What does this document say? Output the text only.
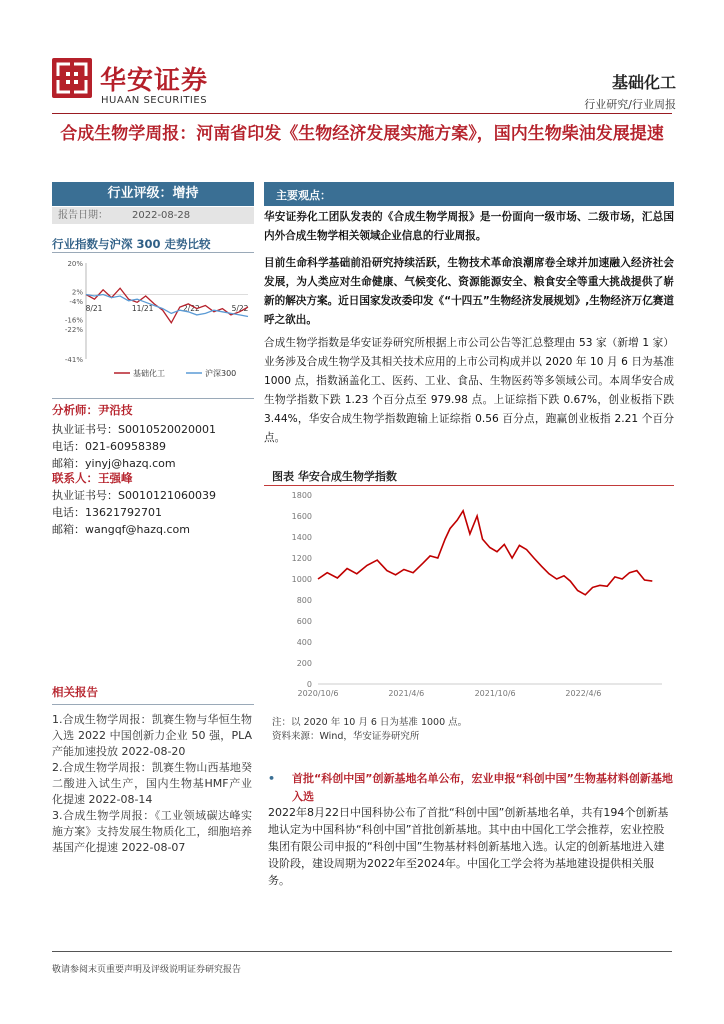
华安证券
HUAAN SECURITIES
基础化工
行业研究/行业周报
合成生物学周报：河南省印发《生物经济发展实施方案》，国内生物柴油发展提速
行业评级：增持
报告日期： 2022-08-28
行业指数与沪深 300 走势比较
20%
2%
-4%
-16%
-22%
-41%
8/21	11/21	2/22	5/22
基础化工	沪深300
分析师：尹沿技
执业证书号：S0010520020001
电话：021-60958389
邮箱：yinyj@hazq.com
联系人：王强峰
执业证书号：S0010121060039
电话：13621792701
邮箱：wangqf@hazq.com
相关报告
1.合成生物学周报：凯赛生物与华恒生物入选 2022 中国创新力企业 50 强，PLA 产能加速投放 2022-08-20
2.合成生物学周报：凯赛生物山西基地癸二酸进入试生产，国内生物基HMF产业化提速 2022-08-14
3.合成生物学周报：《工业领域碳达峰实施方案》支持发展生物质化工，细胞培养基国产化提速 2022-08-07
主要观点：
华安证券化工团队发表的《合成生物学周报》是一份面向一级市场、二级市场，汇总国内外合成生物学相关领域企业信息的行业周报。
目前生命科学基础前沿研究持续活跃，生物技术革命浪潮席卷全球并加速融入经济社会发展，为人类应对生命健康、气候变化、资源能源安全、粮食安全等重大挑战提供了崭新的解决方案。近日国家发改委印发《“十四五”生物经济发展规划》,生物经济万亿赛道呼之欲出。
合成生物学指数是华安证券研究所根据上市公司公告等汇总整理由 53 家（新增 1 家）业务涉及合成生物学及其相关技术应用的上市公司构成并以 2020 年 10 月 6 日为基准 1000 点，指数涵盖化工、医药、工业、食品、生物医药等多领域公司。本周华安合成生物学指数下跌 1.23 个百分点至 979.98 点。上证综指下跌 0.67%，创业板指下跌 3.44%，华安合成生物学指数跑输上证综指 0.56 百分点，跑赢创业板指 2.21 个百分点。
图表 华安合成生物学指数
0
200
400
600
800
1000
1200
1400
1600
1800
2020/10/6	2021/4/6	2021/10/6	2022/4/6
注：以 2020 年 10 月 6 日为基准 1000 点。
资料来源：Wind，华安证券研究所
• 首批“科创中国”创新基地名单公布，宏业申报“科创中国”生物基材料创新基地入选
2022年8月22日中国科协公布了首批“科创中国”创新基地名单，共有194个创新基地认定为中国科协“科创中国”首批创新基地。其中由中国化工学会推荐，宏业控股集团有限公司申报的“科创中国”生物基材料创新基地入选。认定的创新基地进入建设阶段，建设周期为2022年至2024年。中国化工学会将为基地建设提供相关服务。
敬请参阅末页重要声明及评级说明证券研究报告
